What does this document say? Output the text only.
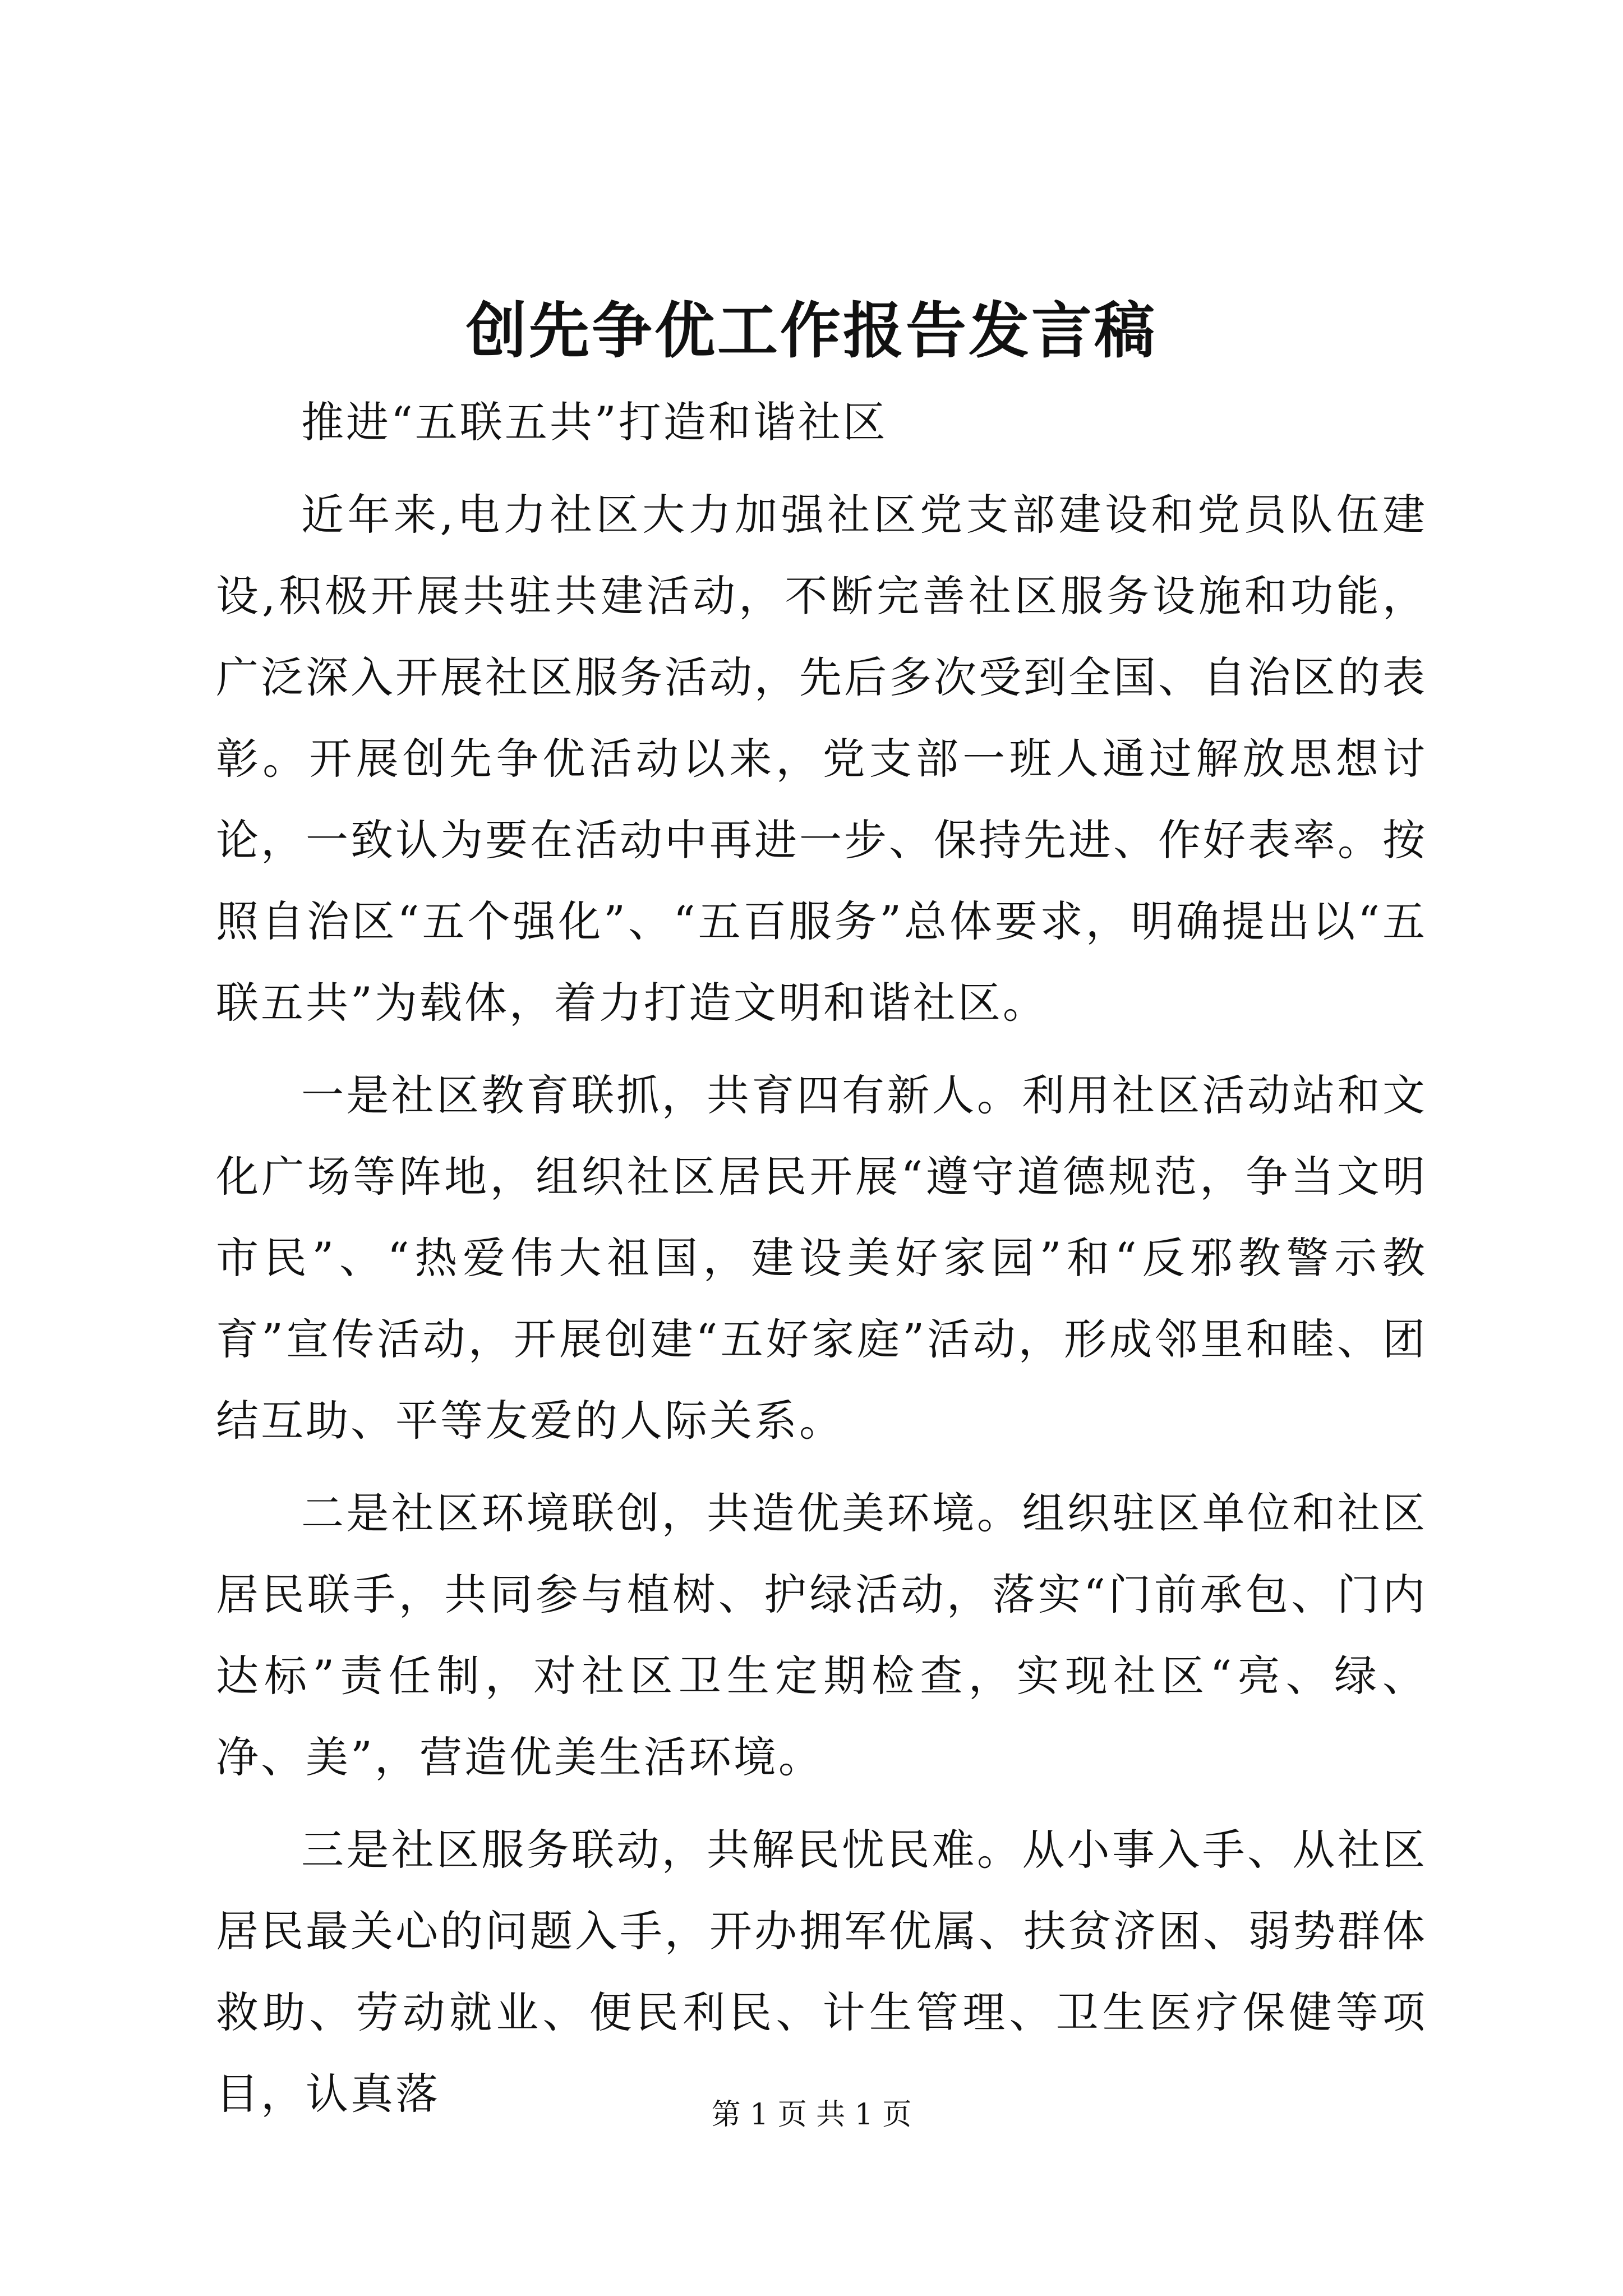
创先争优工作报告发言稿

推进“五联五共”打造和谐社区

近年来,电力社区大力加强社区党支部建设和党员队伍建设,积极开展共驻共建活动，不断完善社区服务设施和功能，广泛深入开展社区服务活动，先后多次受到全国、自治区的表彰。开展创先争优活动以来，党支部一班人通过解放思想讨论，一致认为要在活动中再进一步、保持先进、作好表率。按照自治区“五个强化”、“五百服务”总体要求，明确提出以“五联五共”为载体，着力打造文明和谐社区。

一是社区教育联抓，共育四有新人。利用社区活动站和文化广场等阵地，组织社区居民开展“遵守道德规范，争当文明市民”、“热爱伟大祖国，建设美好家园”和“反邪教警示教育”宣传活动，开展创建“五好家庭”活动，形成邻里和睦、团结互助、平等友爱的人际关系。

二是社区环境联创，共造优美环境。组织驻区单位和社区居民联手，共同参与植树、护绿活动，落实“门前承包、门内达标”责任制，对社区卫生定期检查，实现社区“亮、绿、净、美”，营造优美生活环境。

三是社区服务联动，共解民忧民难。从小事入手、从社区居民最关心的问题入手，开办拥军优属、扶贫济困、弱势群体救助、劳动就业、便民利民、计生管理、卫生医疗保健等项目，认真落	第 1 页 共 1 页
